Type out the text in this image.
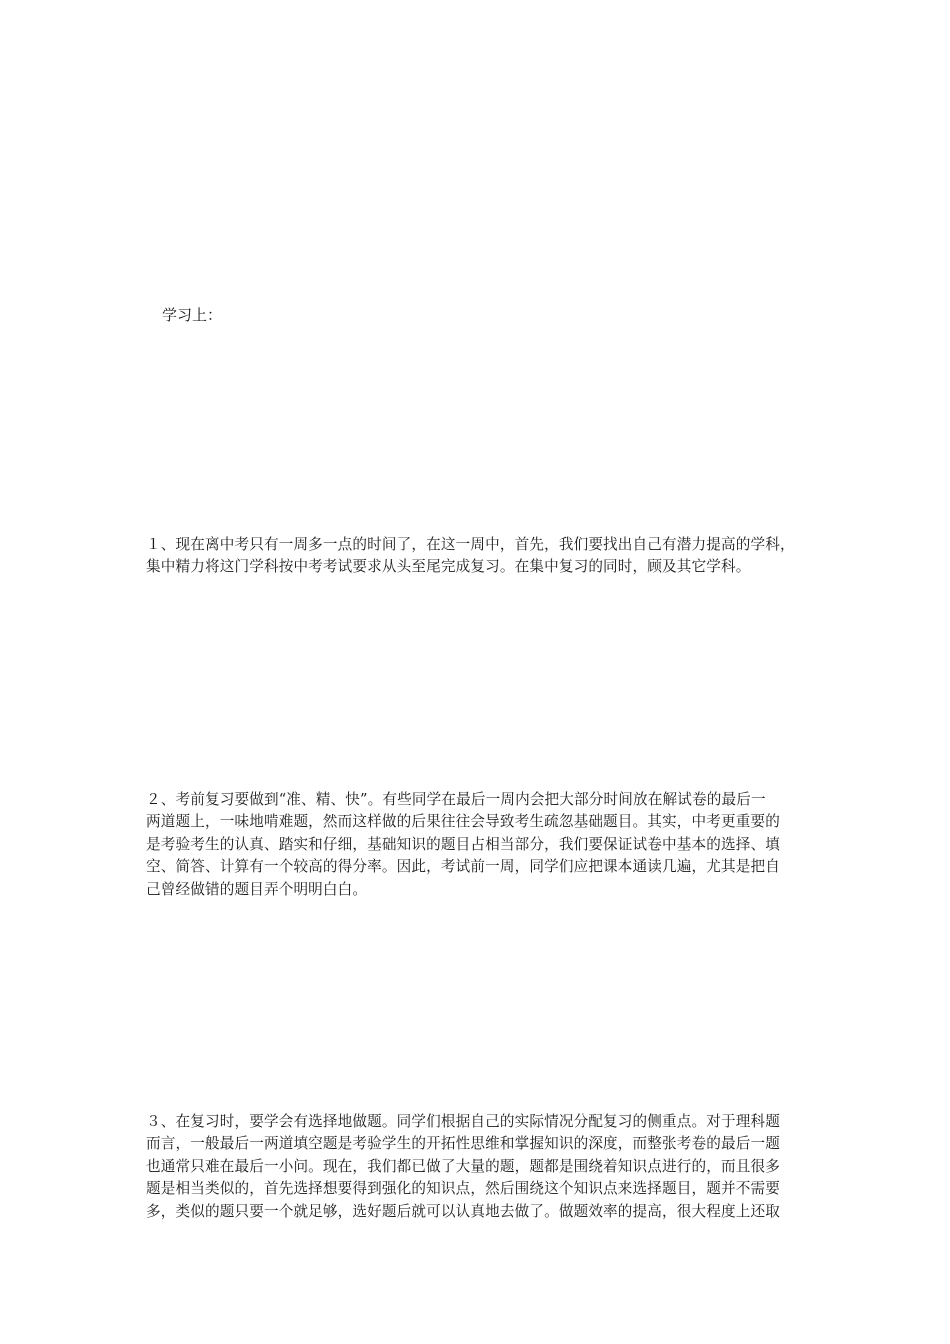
学习上：
１、现在离中考只有一周多一点的时间了，在这一周中，首先，我们要找出自己有潜力提高的学科，
集中精力将这门学科按中考考试要求从头至尾完成复习。在集中复习的同时，顾及其它学科。
２、考前复习要做到“准、精、快”。有些同学在最后一周内会把大部分时间放在解试卷的最后一
两道题上，一味地啃难题，然而这样做的后果往往会导致考生疏忽基础题目。其实，中考更重要的
是考验考生的认真、踏实和仔细，基础知识的题目占相当部分，我们要保证试卷中基本的选择、填
空、简答、计算有一个较高的得分率。因此，考试前一周，同学们应把课本通读几遍，尤其是把自
己曾经做错的题目弄个明明白白。
３、在复习时，要学会有选择地做题。同学们根据自己的实际情况分配复习的侧重点。对于理科题
而言，一般最后一两道填空题是考验学生的开拓性思维和掌握知识的深度，而整张考卷的最后一题
也通常只难在最后一小问。现在，我们都已做了大量的题，题都是围绕着知识点进行的，而且很多
题是相当类似的，首先选择想要得到强化的知识点，然后围绕这个知识点来选择题目，题并不需要
多，类似的题只要一个就足够，选好题后就可以认真地去做了。做题效率的提高，很大程度上还取
